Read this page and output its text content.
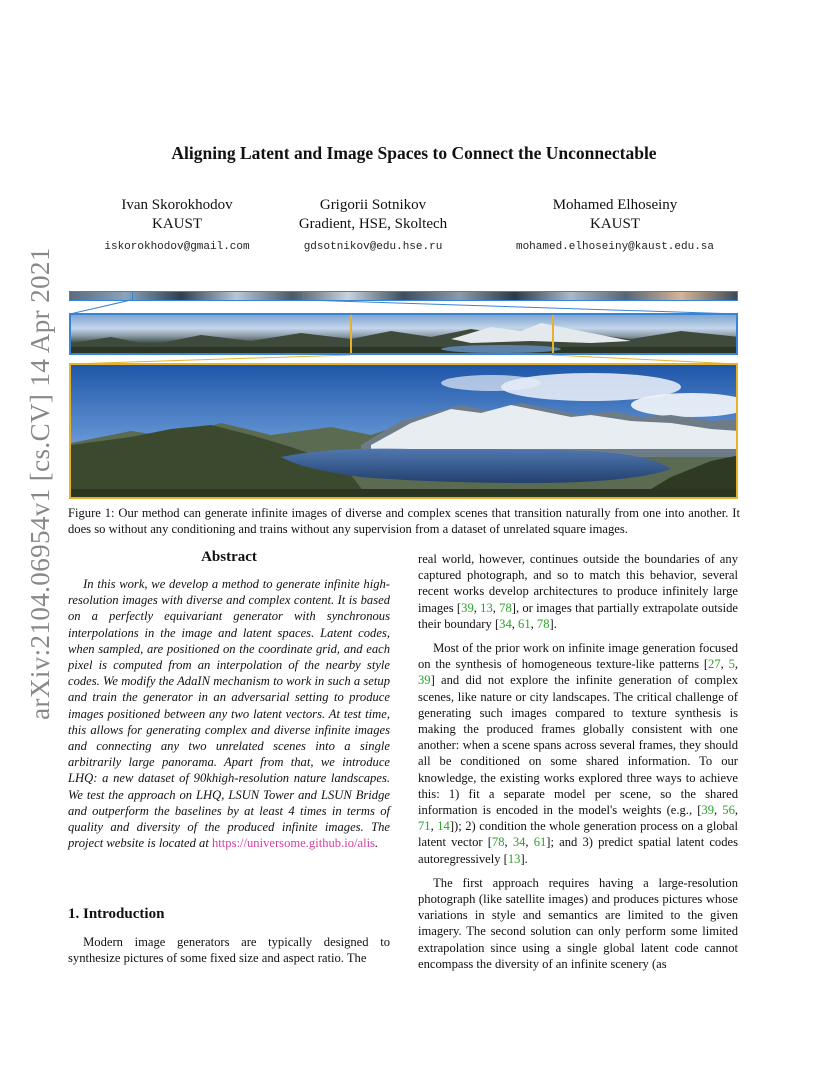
arXiv:2104.06954v1 [cs.CV] 14 Apr 2021
Aligning Latent and Image Spaces to Connect the Unconnectable
Ivan Skorokhodov
KAUST
iskorokhodov@gmail.com
Grigorii Sotnikov
Gradient, HSE, Skoltech
gdsotnikov@edu.hse.ru
Mohamed Elhoseiny
KAUST
mohamed.elhoseiny@kaust.edu.sa
Figure 1: Our method can generate infinite images of diverse and complex scenes that transition naturally from one into another. It does so without any conditioning and trains without any supervision from a dataset of unrelated square images.
Abstract

In this work, we develop a method to generate infinite high-resolution images with diverse and complex content. It is based on a perfectly equivariant generator with synchronous interpolations in the image and latent spaces. Latent codes, when sampled, are positioned on the coordinate grid, and each pixel is computed from an interpolation of the nearby style codes. We modify the AdaIN mechanism to work in such a setup and train the generator in an adversarial setting to produce images positioned between any two latent vectors. At test time, this allows for generating complex and diverse infinite images and connecting any two unrelated scenes into a single arbitrarily large panorama. Apart from that, we introduce LHQ: a new dataset of 90khigh-resolution nature landscapes. We test the approach on LHQ, LSUN Tower and LSUN Bridge and outperform the baselines by at least 4 times in terms of quality and diversity of the produced infinite images. The project website is located at https://universome.github.io/alis.

1. Introduction

Modern image generators are typically designed to synthesize pictures of some fixed size and aspect ratio. The

real world, however, continues outside the boundaries of any captured photograph, and so to match this behavior, several recent works develop architectures to produce infinitely large images [39, 13, 78], or images that partially extrapolate outside their boundary [34, 61, 78].

Most of the prior work on infinite image generation focused on the synthesis of homogeneous texture-like patterns [27, 5, 39] and did not explore the infinite generation of complex scenes, like nature or city landscapes. The critical challenge of generating such images compared to texture synthesis is making the produced frames globally consistent with one another: when a scene spans across several frames, they should all be conditioned on some shared information. To our knowledge, the existing works explored three ways to achieve this: 1) fit a separate model per scene, so the shared information is encoded in the model's weights (e.g., [39, 56, 71, 14]); 2) condition the whole generation process on a global latent vector [78, 34, 61]; and 3) predict spatial latent codes autoregressively [13].

The first approach requires having a large-resolution photograph (like satellite images) and produces pictures whose variations in style and semantics are limited to the given imagery. The second solution can only perform some limited extrapolation since using a single global latent code cannot encompass the diversity of an infinite scenery (as
